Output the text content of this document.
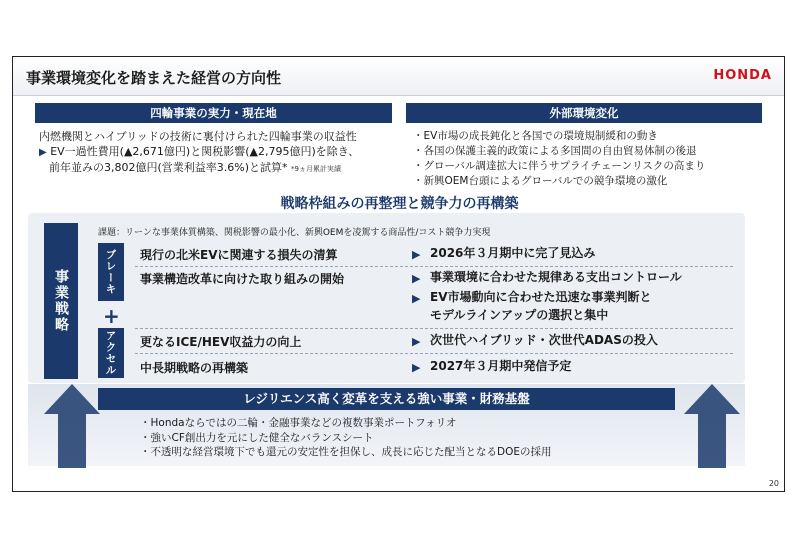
事業環境変化を踏まえた経営の方向性	HONDA
四輪事業の実力・現在地	外部環境変化
内燃機関とハイブリッドの技術に裏付けられた四輪事業の収益性
▶ EV一過性費用(▲2,671億円)と関税影響(▲2,795億円)を除き、
前年並みの3,802億円(営業利益率3.6%)と試算* *9ヵ月累計実績
・EV市場の成長鈍化と各国での環境規制緩和の動き
・各国の保護主義的政策による多国間の自由貿易体制の後退
・グローバル調達拡大に伴うサプライチェーンリスクの高まり
・新興OEM台頭によるグローバルでの競争環境の激化
戦略枠組みの再整理と競争力の再構築
事業戦略
課題：リーンな事業体質構築、関税影響の最小化、新興OEMを凌駕する商品性/コスト競争力実現
ブレーキ
+
アクセル
現行の北米EVに関連する損失の清算	▶ 2026年３月期中に完了見込み
事業構造改革に向けた取り組みの開始	▶ 事業環境に合わせた規律ある支出コントロール
▶ EV市場動向に合わせた迅速な事業判断と
モデルラインアップの選択と集中
更なるICE/HEV収益力の向上	▶ 次世代ハイブリッド・次世代ADASの投入
中長期戦略の再構築	▶ 2027年３月期中発信予定
レジリエンス高く変革を支える強い事業・財務基盤
・Hondaならではの二輪・金融事業などの複数事業ポートフォリオ
・強いCF創出力を元にした健全なバランスシート
・不透明な経営環境下でも還元の安定性を担保し、成長に応じた配当となるDOEの採用
20
